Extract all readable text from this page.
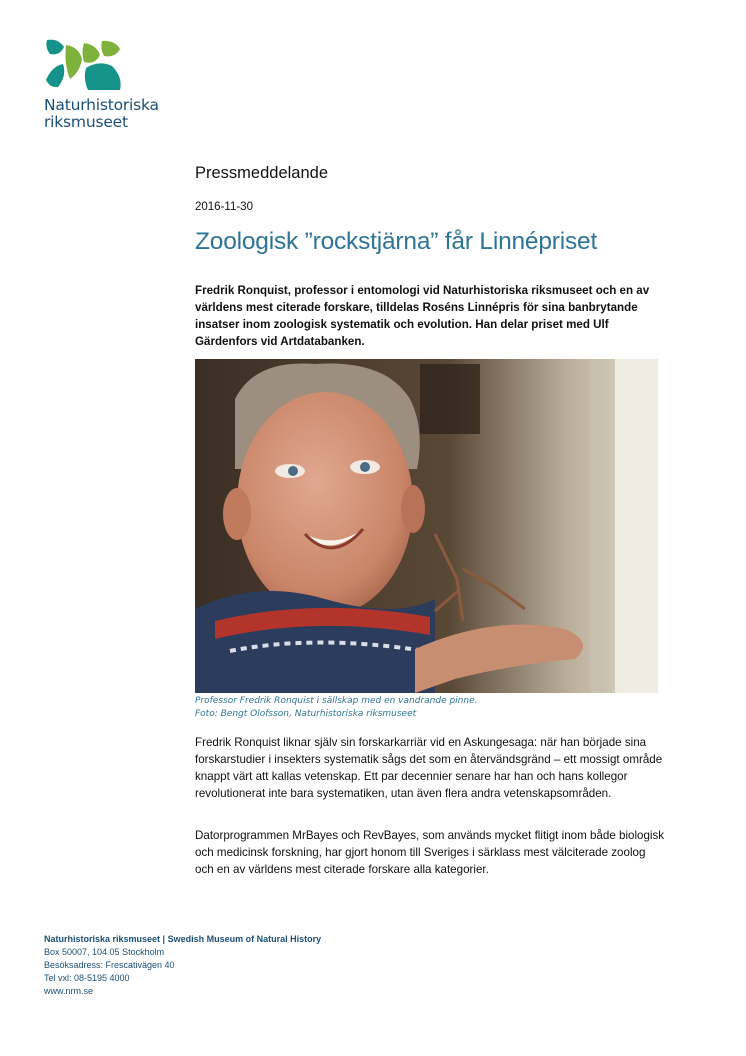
Naturhistoriska
riksmuseet
Pressmeddelande
2016-11-30
Zoologisk ”rockstjärna” får Linnépriset

Fredrik Ronquist, professor i entomologi vid Naturhistoriska riksmuseet och en av världens mest citerade forskare, tilldelas Roséns Linnépris för sina banbrytande insatser inom zoologisk systematik och evolution. Han delar priset med Ulf Gärdenfors vid Artdatabanken.

Professor Fredrik Ronquist i sällskap med en vandrande pinne.
Foto: Bengt Olofsson, Naturhistoriska riksmuseet

Fredrik Ronquist liknar själv sin forskarkarriär vid en Askungesaga: när han började sina forskarstudier i insekters systematik sågs det som en återvändsgränd – ett mossigt område knappt värt att kallas vetenskap. Ett par decennier senare har han och hans kollegor revolutionerat inte bara systematiken, utan även flera andra vetenskapsområden.

Datorprogrammen MrBayes och RevBayes, som används mycket flitigt inom både biologisk och medicinsk forskning, har gjort honom till Sveriges i särklass mest välciterade zoolog och en av världens mest citerade forskare alla kategorier.

Naturhistoriska riksmuseet | Swedish Museum of Natural History
Box 50007, 104 05 Stockholm
Besöksadress: Frescativägen 40
Tel vxl: 08-5195 4000
www.nrm.se
